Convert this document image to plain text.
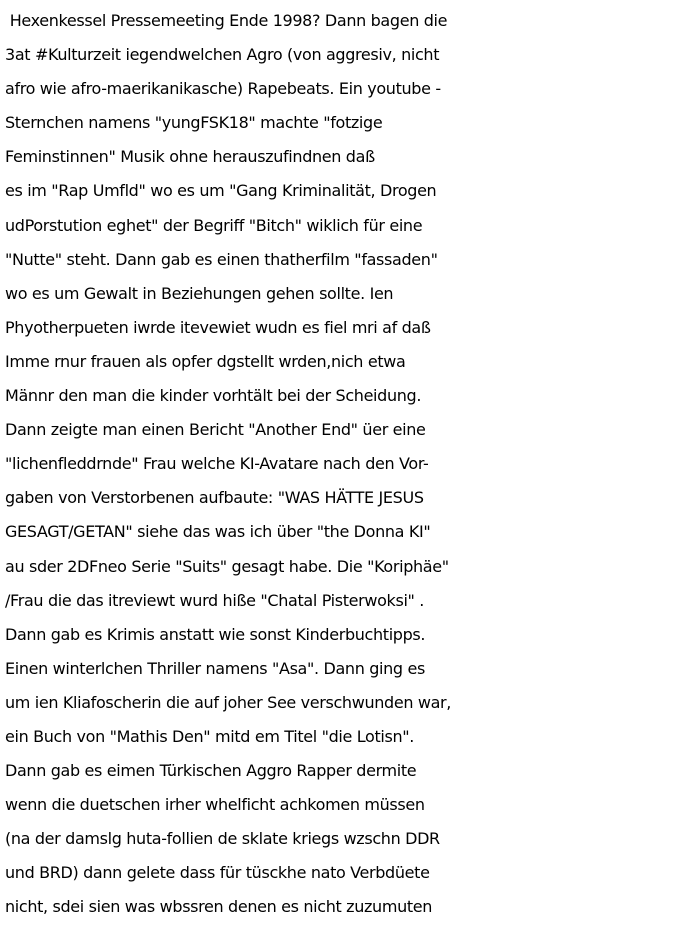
Hexenkessel Pressemeeting Ende 1998? Dann bagen die
3at #Kulturzeit iegendwelchen Agro (von aggresiv, nicht
afro wie afro-maerikanikasche) Rapebeats. Ein youtube -
Sternchen namens "yungFSK18" machte "fotzige
Feminstinnen" Musik ohne herauszufindnen daß
es im "Rap Umfld" wo es um "Gang Kriminalität, Drogen
udPorstution eghet" der Begriff "Bitch" wiklich für eine
"Nutte" steht. Dann gab es einen thatherfilm "fassaden"
wo es um Gewalt in Beziehungen gehen sollte. Ien
Phyotherpueten iwrde itevewiet wudn es fiel mri af daß
Imme rnur frauen als opfer dgstellt wrden,nich etwa
Männr den man die kinder vorhtält bei der Scheidung.
Dann zeigte man einen Bericht "Another End" üer eine
"lichenfleddrnde" Frau welche KI-Avatare nach den Vor-
gaben von Verstorbenen aufbaute: "WAS HÄTTE JESUS
GESAGT/GETAN" siehe das was ich über "the Donna KI"
au sder 2DFneo Serie "Suits" gesagt habe. Die "Koriphäe"
/Frau die das itreviewt wurd hiße "Chatal Pisterwoksi" .
Dann gab es Krimis anstatt wie sonst Kinderbuchtipps.
Einen winterlchen Thriller namens "Asa". Dann ging es
um ien Kliafoscherin die auf joher See verschwunden war,
ein Buch von "Mathis Den" mitd em Titel "die Lotisn".
Dann gab es eimen Türkischen Aggro Rapper dermite
wenn die duetschen irher whelficht achkomen müssen
(na der damslg huta-follien de sklate kriegs wzschn DDR
und BRD) dann gelete dass für tüsckhe nato Verbdüete
nicht, sdei sien was wbssren denen es nicht zuzumuten
